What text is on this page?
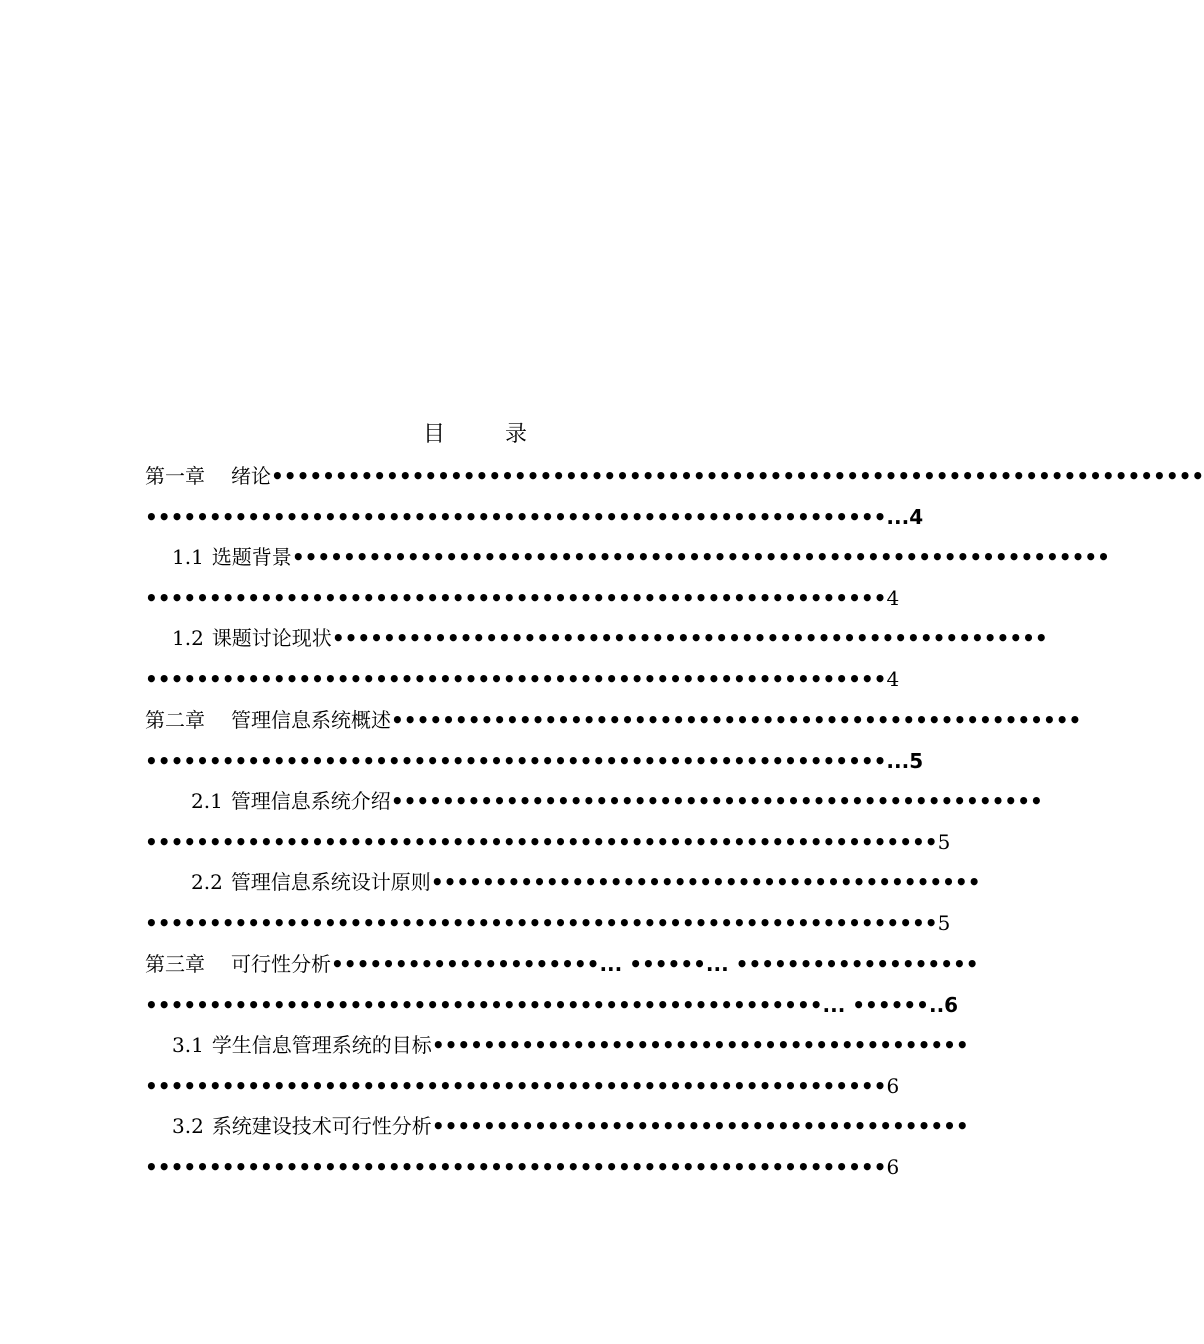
目	录
第一章 绪论•••••••••••••••••••••••••••••••••••••••••••••••••••••••••••••••••••••••••
••••••••••••••••••••••••••••••••••••••••••••••••••••••••••...4
1.1 选题背景••••••••••••••••••••••••••••••••••••••••••••••••••••••••••••••••
••••••••••••••••••••••••••••••••••••••••••••••••••••••••••4
1.2 课题讨论现状••••••••••••••••••••••••••••••••••••••••••••••••••••••••
••••••••••••••••••••••••••••••••••••••••••••••••••••••••••4
第二章 管理信息系统概述••••••••••••••••••••••••••••••••••••••••••••••••••••••
••••••••••••••••••••••••••••••••••••••••••••••••••••••••••...5
2.1 管理信息系统介绍•••••••••••••••••••••••••••••••••••••••••••••••••••
••••••••••••••••••••••••••••••••••••••••••••••••••••••••••••••5
2.2 管理信息系统设计原则•••••••••••••••••••••••••••••••••••••••••••
••••••••••••••••••••••••••••••••••••••••••••••••••••••••••••••5
第三章 可行性分析•••••••••••••••••••••... ••••••... •••••••••••••••••••
•••••••••••••••••••••••••••••••••••••••••••••••••••••... ••••••..6
3.1 学生信息管理系统的目标••••••••••••••••••••••••••••••••••••••••••
••••••••••••••••••••••••••••••••••••••••••••••••••••••••••6
3.2 系统建设技术可行性分析••••••••••••••••••••••••••••••••••••••••••
••••••••••••••••••••••••••••••••••••••••••••••••••••••••••6
